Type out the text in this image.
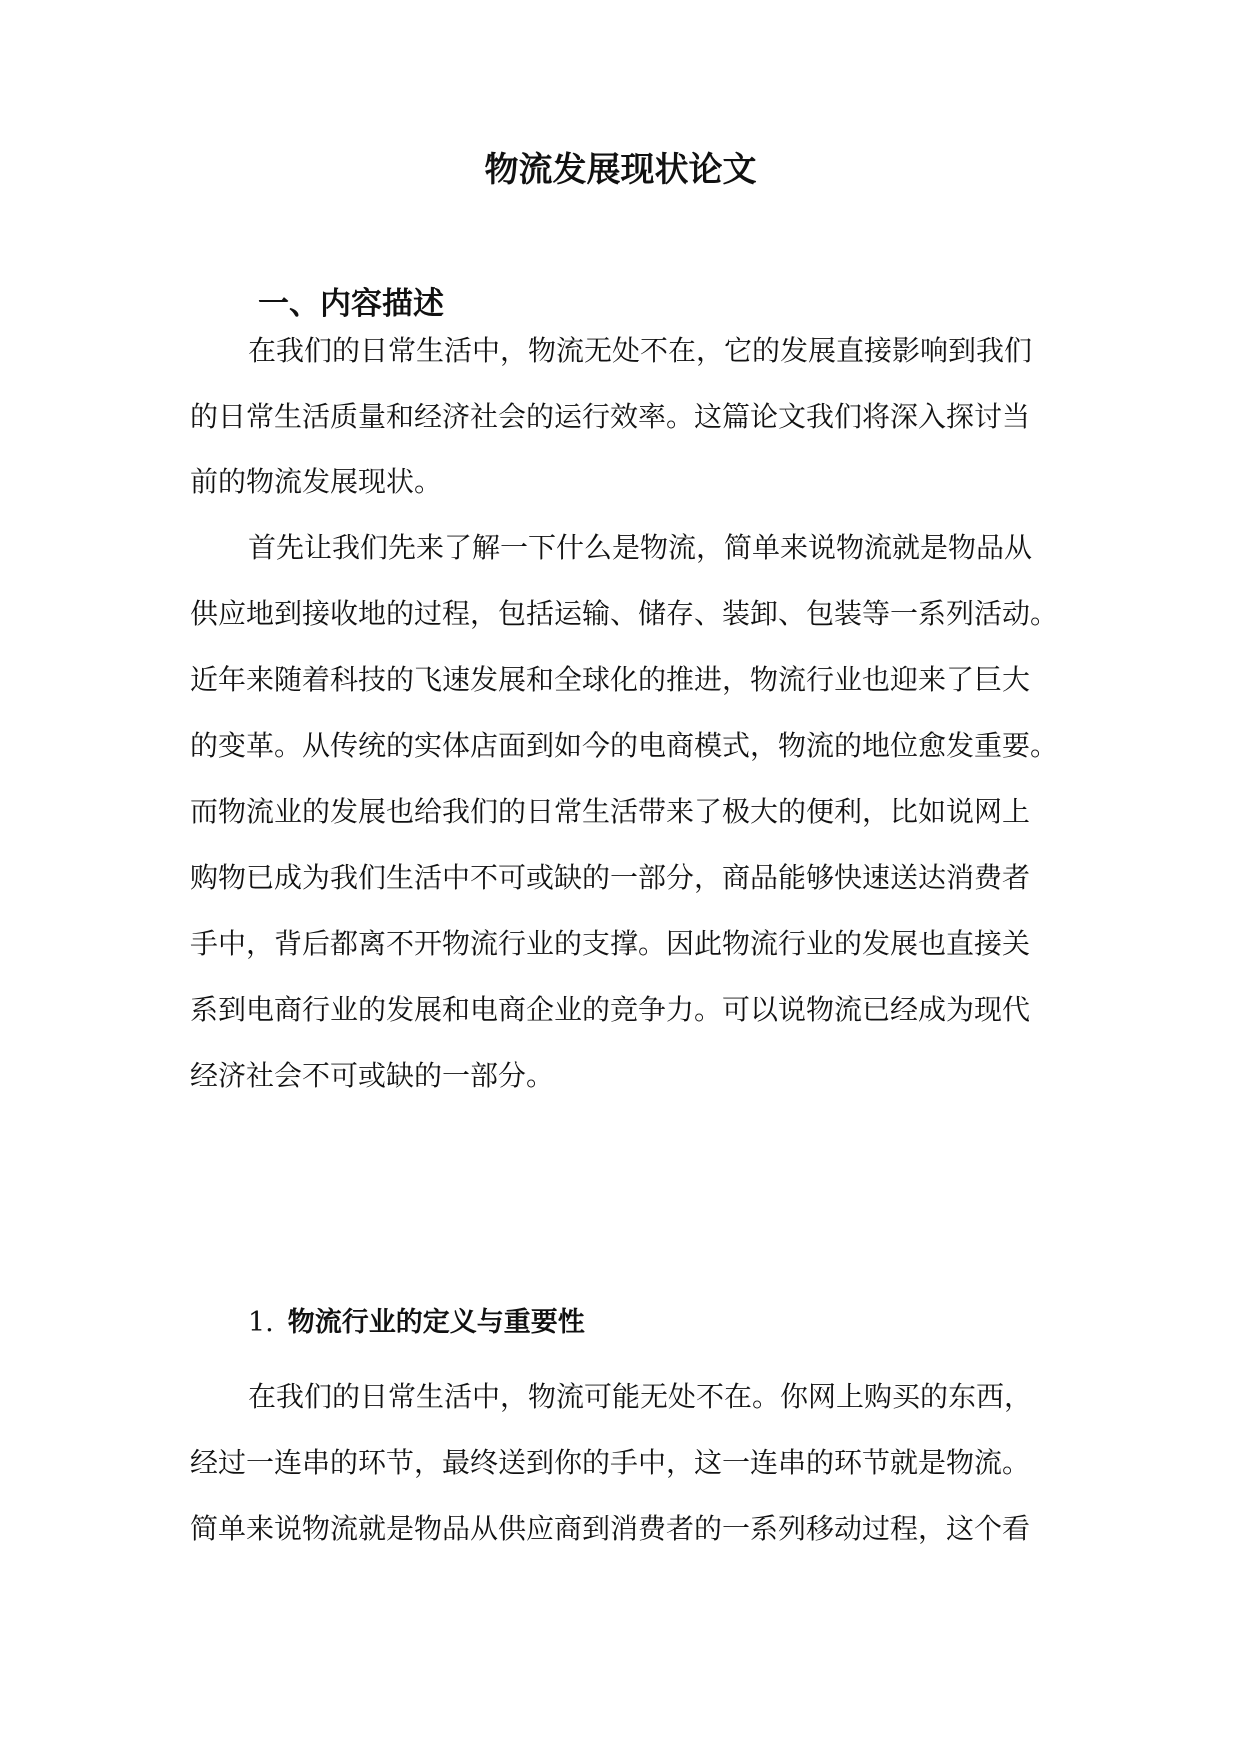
物流发展现状论文
一、内容描述

在我们的日常生活中，物流无处不在，它的发展直接影响到我们

的日常生活质量和经济社会的运行效率。这篇论文我们将深入探讨当

前的物流发展现状。

首先让我们先来了解一下什么是物流，简单来说物流就是物品从

供应地到接收地的过程，包括运输、储存、装卸、包装等一系列活动。

近年来随着科技的飞速发展和全球化的推进，物流行业也迎来了巨大

的变革。从传统的实体店面到如今的电商模式，物流的地位愈发重要。

而物流业的发展也给我们的日常生活带来了极大的便利，比如说网上

购物已成为我们生活中不可或缺的一部分，商品能够快速送达消费者

手中，背后都离不开物流行业的支撑。因此物流行业的发展也直接关

系到电商行业的发展和电商企业的竞争力。可以说物流已经成为现代

经济社会不可或缺的一部分。

1. 物流行业的定义与重要性

在我们的日常生活中，物流可能无处不在。你网上购买的东西，

经过一连串的环节，最终送到你的手中，这一连串的环节就是物流。

简单来说物流就是物品从供应商到消费者的一系列移动过程，这个看
